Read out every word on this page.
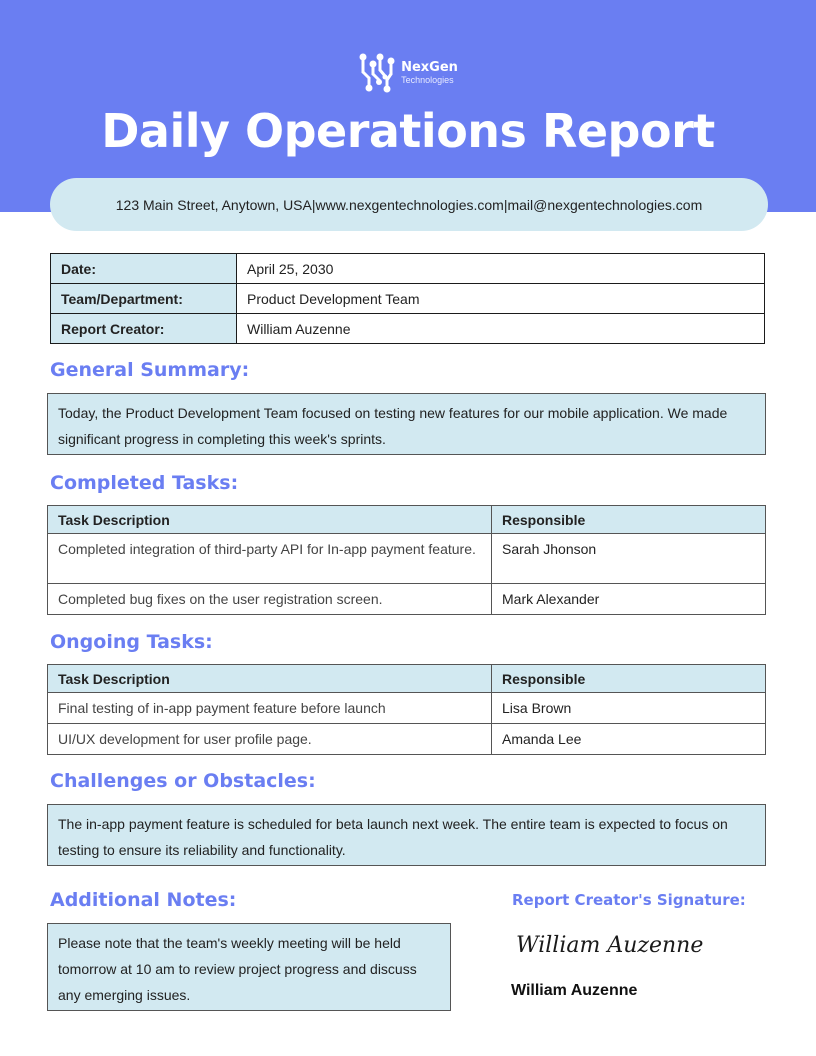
NexGen
Technologies
Daily Operations Report
123 Main Street, Anytown, USA | www.nexgentechnologies.com | mail@nexgentechnologies.com
Date:	April 25, 2030
Team/Department:	Product Development Team
Report Creator:	William Auzenne
General Summary:
Today, the Product Development Team focused on testing new features for our mobile application. We made significant progress in completing this week's sprints.
Completed Tasks:
Task Description	Responsible
Completed integration of third-party API for In-app payment feature.	Sarah Jhonson
Completed bug fixes on the user registration screen.	Mark Alexander
Ongoing Tasks:
Task Description	Responsible
Final testing of in-app payment feature before launch	Lisa Brown
UI/UX development for user profile page.	Amanda Lee
Challenges or Obstacles:
The in-app payment feature is scheduled for beta launch next week. The entire team is expected to focus on testing to ensure its reliability and functionality.
Additional Notes:
Please note that the team's weekly meeting will be held tomorrow at 10 am to review project progress and discuss any emerging issues.
Report Creator's Signature:
William Auzenne
William Auzenne
